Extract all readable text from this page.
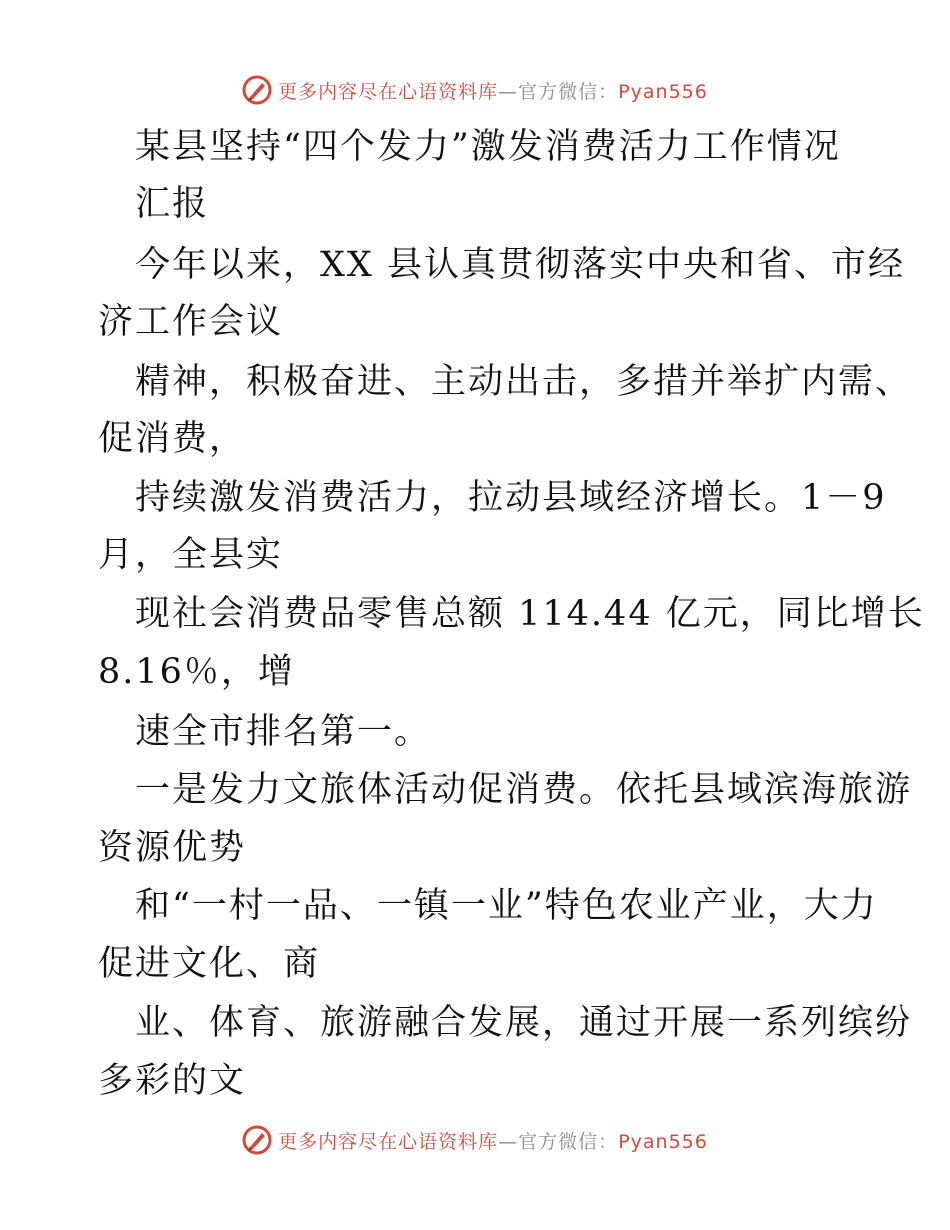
更多内容尽在心语资料库—官方微信：Pyan556
某县坚持“四个发力”激发消费活力工作情况
汇报
今年以来，XX 县认真贯彻落实中央和省、市经
济工作会议
精神，积极奋进、主动出击，多措并举扩内需、
促消费，
持续激发消费活力，拉动县域经济增长。1－9
月，全县实
现社会消费品零售总额 114.44 亿元，同比增长
8.16％，增
速全市排名第一。
一是发力文旅体活动促消费。依托县域滨海旅游
资源优势
和“一村一品、一镇一业”特色农业产业，大力
促进文化、商
业、体育、旅游融合发展，通过开展一系列缤纷
多彩的文
更多内容尽在心语资料库—官方微信：Pyan556
